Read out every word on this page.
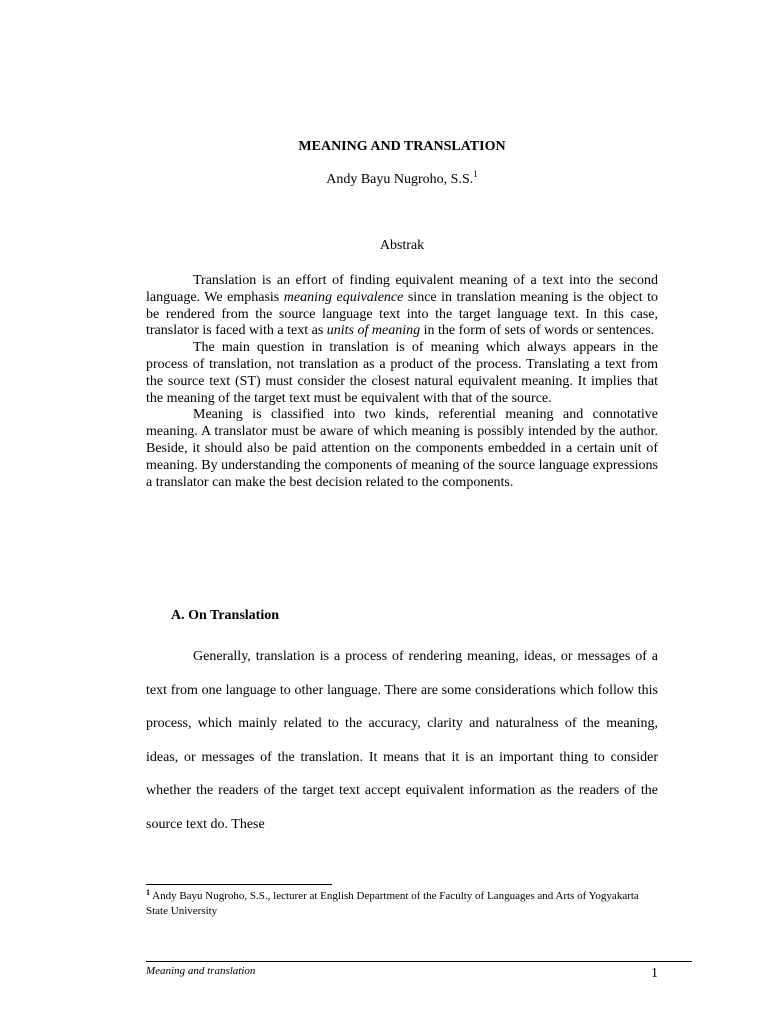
MEANING AND TRANSLATION
Andy Bayu Nugroho, S.S.$^1$
Abstrak

Translation is an effort of finding equivalent meaning of a text into the second language. We emphasis meaning equivalence since in translation meaning is the object to be rendered from the source language text into the target language text. In this case, translator is faced with a text as units of meaning in the form of sets of words or sentences.

The main question in translation is of meaning which always appears in the process of translation, not translation as a product of the process. Translating a text from the source text (ST) must consider the closest natural equivalent meaning. It implies that the meaning of the target text must be equivalent with that of the source.

Meaning is classified into two kinds, referential meaning and connotative meaning. A translator must be aware of which meaning is possibly intended by the author. Beside, it should also be paid attention on the components embedded in a certain unit of meaning. By understanding the components of meaning of the source language expressions a translator can make the best decision related to the components.

A. On Translation

Generally, translation is a process of rendering meaning, ideas, or messages of a text from one language to other language. There are some considerations which follow this process, which mainly related to the accuracy, clarity and naturalness of the meaning, ideas, or messages of the translation. It means that it is an important thing to consider whether the readers of the target text accept equivalent information as the readers of the source text do. These

$^1$ Andy Bayu Nugroho, S.S., lecturer at English Department of the Faculty of Languages and Arts of Yogyakarta State University
Meaning and translation	1
